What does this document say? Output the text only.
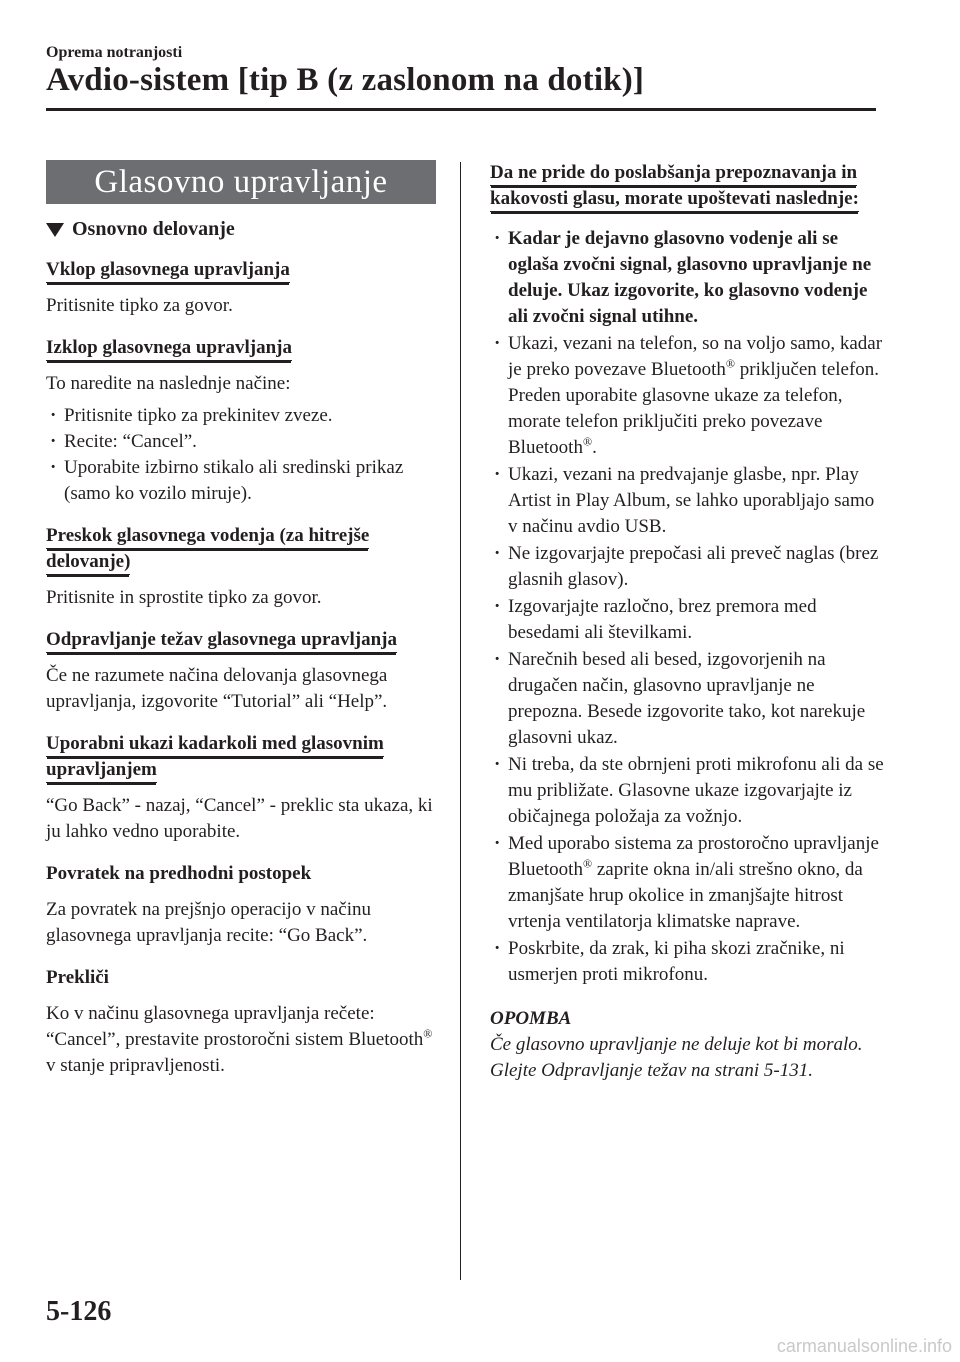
Oprema notranjosti
Avdio-sistem [tip B (z zaslonom na dotik)]
Glasovno upravljanje
Osnovno delovanje
Vklop glasovnega upravljanja
Pritisnite tipko za govor.
Izklop glasovnega upravljanja
To naredite na naslednje načine:
· Pritisnite tipko za prekinitev zveze.
· Recite: “Cancel”.
· Uporabite izbirno stikalo ali sredinski prikaz (samo ko vozilo miruje).
Preskok glasovnega vodenja (za hitrejše delovanje)
Pritisnite in sprostite tipko za govor.
Odpravljanje težav glasovnega upravljanja
Če ne razumete načina delovanja glasovnega upravljanja, izgovorite “Tutorial” ali “Help”.
Uporabni ukazi kadarkoli med glasovnim upravljanjem
“Go Back” - nazaj, “Cancel” - preklic sta ukaza, ki ju lahko vedno uporabite.
Povratek na predhodni postopek
Za povratek na prejšnjo operacijo v načinu glasovnega upravljanja recite: “Go Back”.
Prekliči
Ko v načinu glasovnega upravljanja rečete: “Cancel”, prestavite prostoročni sistem Bluetooth® v stanje pripravljenosti.
Da ne pride do poslabšanja prepoznavanja in kakovosti glasu, morate upoštevati naslednje:
· Kadar je dejavno glasovno vodenje ali se oglaša zvočni signal, glasovno upravljanje ne deluje. Ukaz izgovorite, ko glasovno vodenje ali zvočni signal utihne.
· Ukazi, vezani na telefon, so na voljo samo, kadar je preko povezave Bluetooth® priključen telefon. Preden uporabite glasovne ukaze za telefon, morate telefon priključiti preko povezave Bluetooth®.
· Ukazi, vezani na predvajanje glasbe, npr. Play Artist in Play Album, se lahko uporabljajo samo v načinu avdio USB.
· Ne izgovarjajte prepočasi ali preveč naglas (brez glasnih glasov).
· Izgovarjajte razločno, brez premora med besedami ali številkami.
· Narečnih besed ali besed, izgovorjenih na drugačen način, glasovno upravljanje ne prepozna. Besede izgovorite tako, kot narekuje glasovni ukaz.
· Ni treba, da ste obrnjeni proti mikrofonu ali da se mu približate. Glasovne ukaze izgovarjajte iz običajnega položaja za vožnjo.
· Med uporabo sistema za prostoročno upravljanje Bluetooth® zaprite okna in/ali strešno okno, da zmanjšate hrup okolice in zmanjšajte hitrost vrtenja ventilatorja klimatske naprave.
· Poskrbite, da zrak, ki piha skozi zračnike, ni usmerjen proti mikrofonu.
OPOMBA
Če glasovno upravljanje ne deluje kot bi moralo. Glejte Odpravljanje težav na strani 5-131.
5-126
carmanualsonline.info
